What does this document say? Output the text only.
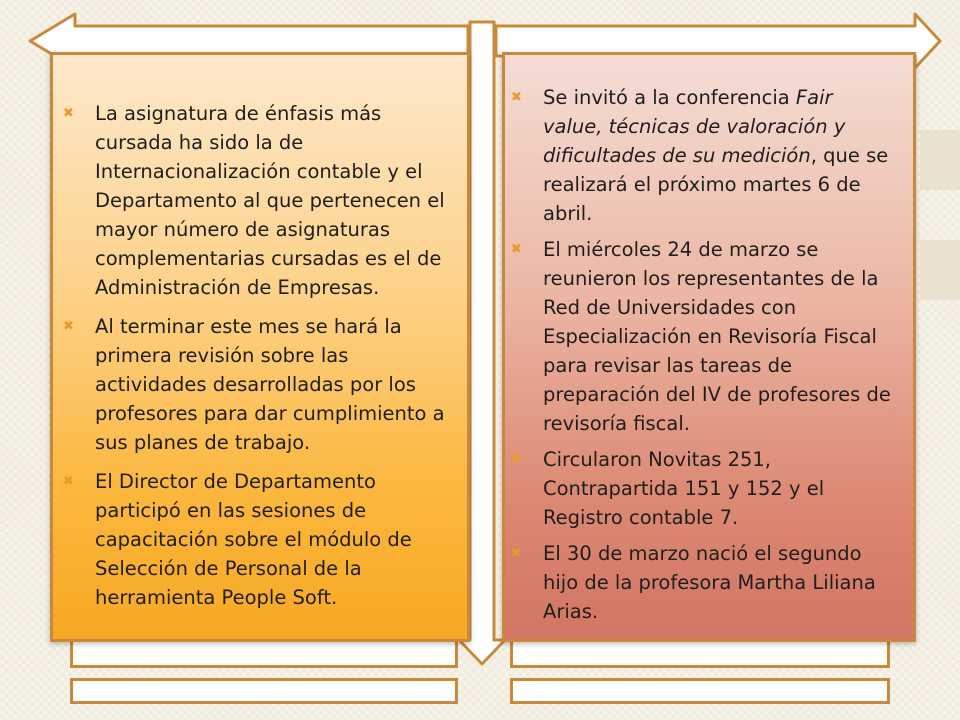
✖ La asignatura de énfasis más cursada ha sido la de Internacionalización contable y el Departamento al que pertenecen el mayor número de asignaturas complementarias cursadas es el de Administración de Empresas.
✖ Al terminar este mes se hará la primera revisión sobre las actividades desarrolladas por los profesores para dar cumplimiento a sus planes de trabajo.
✖ El Director de Departamento participó en las sesiones de capacitación sobre el módulo de Selección de Personal de la herramienta People Soft.
✖ Se invitó a la conferencia Fair value, técnicas de valoración y dificultades de su medición, que se realizará el próximo martes 6 de abril.
✖ El miércoles 24 de marzo se reunieron los representantes de la Red de Universidades con Especialización en Revisoría Fiscal para revisar las tareas de preparación del IV de profesores de revisoría fiscal.
✖ Circularon Novitas 251, Contrapartida 151 y 152 y el Registro contable 7.
✖ El 30 de marzo nació el segundo hijo de la profesora Martha Liliana Arias.
